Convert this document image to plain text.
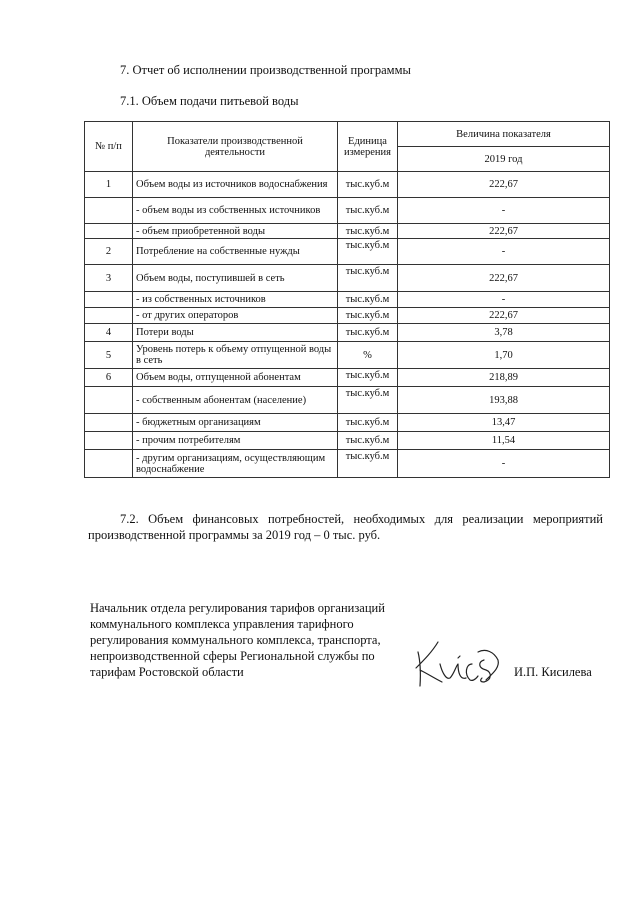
7. Отчет об исполнении производственной программы
7.1. Объем подачи питьевой воды
№ п/п	Показатели производственной деятельности	Единица измерения	Величина показателя
			2019 год
1	Объем воды из источников водоснабжения	тыс.куб.м	222,67
	- объем воды из собственных источников	тыс.куб.м	-
	- объем приобретенной воды	тыс.куб.м	222,67
2	Потребление на собственные нужды	тыс.куб.м	-
3	Объем воды, поступившей в сеть	тыс.куб.м	222,67
	- из собственных источников	тыс.куб.м	-
	- от других операторов	тыс.куб.м	222,67
4	Потери воды	тыс.куб.м	3,78
5	Уровень потерь к объему отпущенной воды в сеть	%	1,70
6	Объем воды, отпущенной абонентам	тыс.куб.м	218,89
	- собственным абонентам (население)	тыс.куб.м	193,88
	- бюджетным организациям	тыс.куб.м	13,47
	- прочим потребителям	тыс.куб.м	11,54
	- другим организациям, осуществляющим водоснабжение	тыс.куб.м	-
7.2. Объем финансовых потребностей, необходимых для реализации мероприятий производственной программы за 2019 год – 0 тыс. руб.
Начальник отдела регулирования тарифов организаций
коммунального комплекса управления тарифного
регулирования коммунального комплекса, транспорта,
непроизводственной сферы Региональной службы по
тарифам Ростовской области	И.П. Кисилева
